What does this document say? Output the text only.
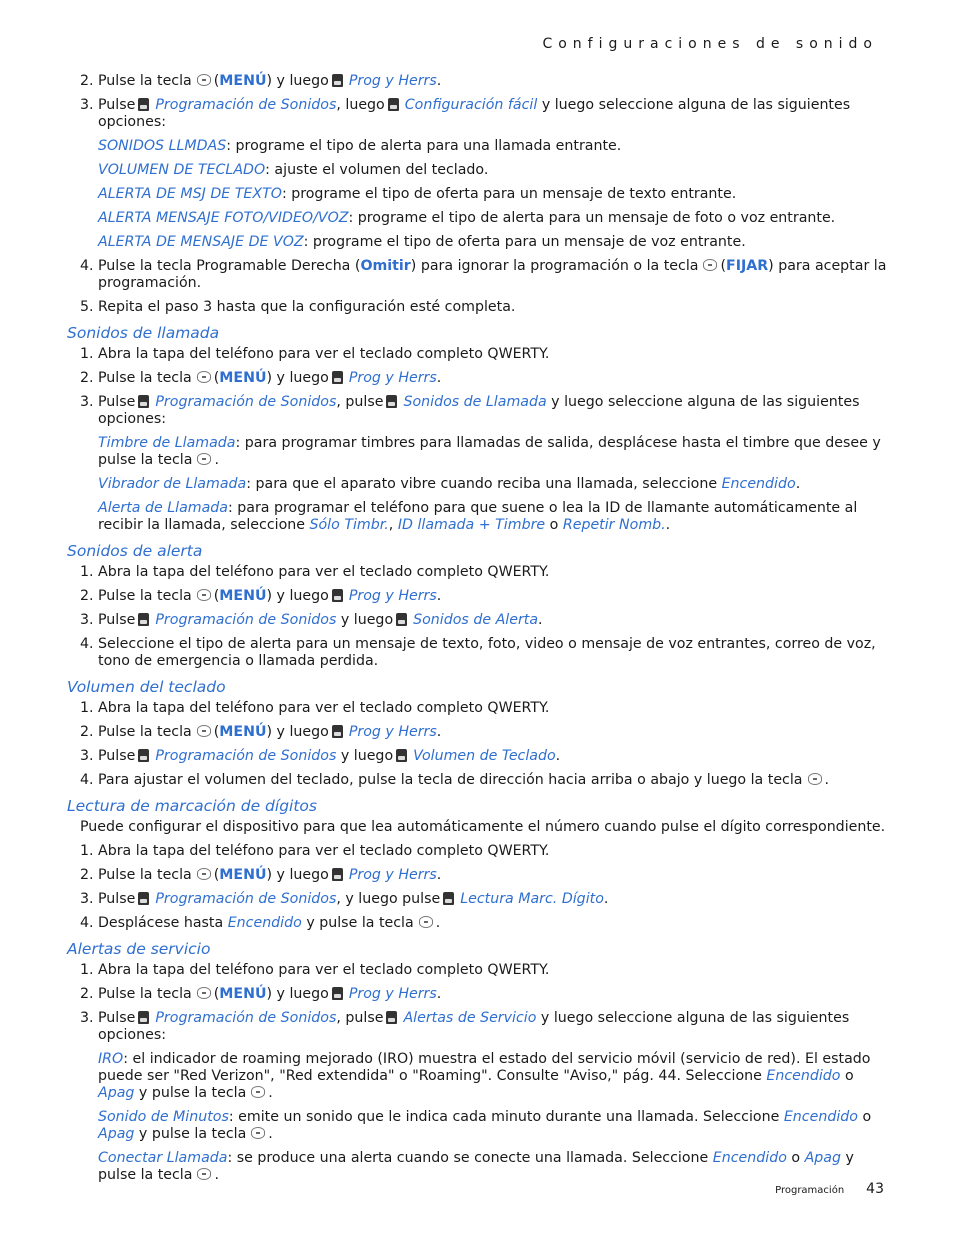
Configuraciones de sonido
2. Pulse la tecla (MENÚ) y luego Prog y Herrs.
3. Pulse Programación de Sonidos, luego Configuración fácil y luego seleccione alguna de las siguientes opciones:
SONIDOS LLMDAS: programe el tipo de alerta para una llamada entrante.
VOLUMEN DE TECLADO: ajuste el volumen del teclado.
ALERTA DE MSJ DE TEXTO: programe el tipo de oferta para un mensaje de texto entrante.
ALERTA MENSAJE FOTO/VIDEO/VOZ: programe el tipo de alerta para un mensaje de foto o voz entrante.
ALERTA DE MENSAJE DE VOZ: programe el tipo de oferta para un mensaje de voz entrante.
4. Pulse la tecla Programable Derecha (Omitir) para ignorar la programación o la tecla (FIJAR) para aceptar la programación.
5. Repita el paso 3 hasta que la configuración esté completa.
Sonidos de llamada
1. Abra la tapa del teléfono para ver el teclado completo QWERTY.
2. Pulse la tecla (MENÚ) y luego Prog y Herrs.
3. Pulse Programación de Sonidos, pulse Sonidos de Llamada y luego seleccione alguna de las siguientes opciones:
Timbre de Llamada: para programar timbres para llamadas de salida, desplácese hasta el timbre que desee y pulse la tecla .
Vibrador de Llamada: para que el aparato vibre cuando reciba una llamada, seleccione Encendido.
Alerta de Llamada: para programar el teléfono para que suene o lea la ID de llamante automáticamente al recibir la llamada, seleccione Sólo Timbr., ID llamada + Timbre o Repetir Nomb..
Sonidos de alerta
1. Abra la tapa del teléfono para ver el teclado completo QWERTY.
2. Pulse la tecla (MENÚ) y luego Prog y Herrs.
3. Pulse Programación de Sonidos y luego Sonidos de Alerta.
4. Seleccione el tipo de alerta para un mensaje de texto, foto, video o mensaje de voz entrantes, correo de voz, tono de emergencia o llamada perdida.
Volumen del teclado
1. Abra la tapa del teléfono para ver el teclado completo QWERTY.
2. Pulse la tecla (MENÚ) y luego Prog y Herrs.
3. Pulse Programación de Sonidos y luego Volumen de Teclado.
4. Para ajustar el volumen del teclado, pulse la tecla de dirección hacia arriba o abajo y luego la tecla .
Lectura de marcación de dígitos
Puede configurar el dispositivo para que lea automáticamente el número cuando pulse el dígito correspondiente.
1. Abra la tapa del teléfono para ver el teclado completo QWERTY.
2. Pulse la tecla (MENÚ) y luego Prog y Herrs.
3. Pulse Programación de Sonidos, y luego pulse Lectura Marc. Dígito.
4. Desplácese hasta Encendido y pulse la tecla .
Alertas de servicio
1. Abra la tapa del teléfono para ver el teclado completo QWERTY.
2. Pulse la tecla (MENÚ) y luego Prog y Herrs.
3. Pulse Programación de Sonidos, pulse Alertas de Servicio y luego seleccione alguna de las siguientes opciones:
IRO: el indicador de roaming mejorado (IRO) muestra el estado del servicio móvil (servicio de red). El estado puede ser "Red Verizon", "Red extendida" o "Roaming". Consulte "Aviso," pág. 44. Seleccione Encendido o Apag y pulse la tecla .
Sonido de Minutos: emite un sonido que le indica cada minuto durante una llamada. Seleccione Encendido o Apag y pulse la tecla .
Conectar Llamada: se produce una alerta cuando se conecte una llamada. Seleccione Encendido o Apag y pulse la tecla .
Programación 43
